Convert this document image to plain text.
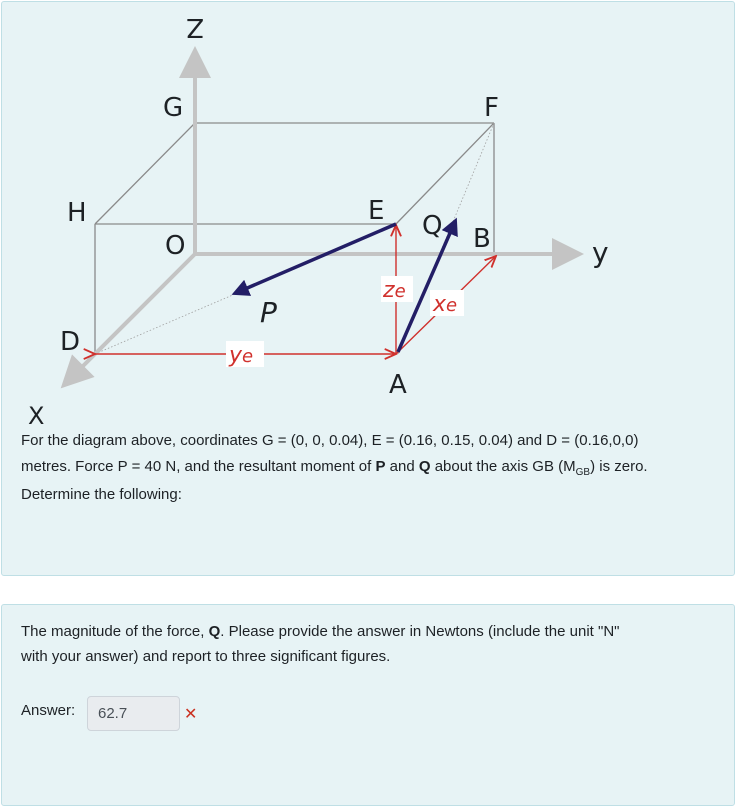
Z
G	F
H
O
E Q B	y
ze
xe
P
D	ye
A
X
For the diagram above, coordinates G = (0, 0, 0.04), E = (0.16, 0.15, 0.04) and D = (0.16,0,0)
metres. Force P = 40 N, and the resultant moment of P and Q about the axis GB $(M_{GB})$ is zero.
Determine the following:
The magnitude of the force, Q. Please provide the answer in Newtons (include the unit "N"
with your answer) and report to three significant figures.
Answer:
62.7	✕
